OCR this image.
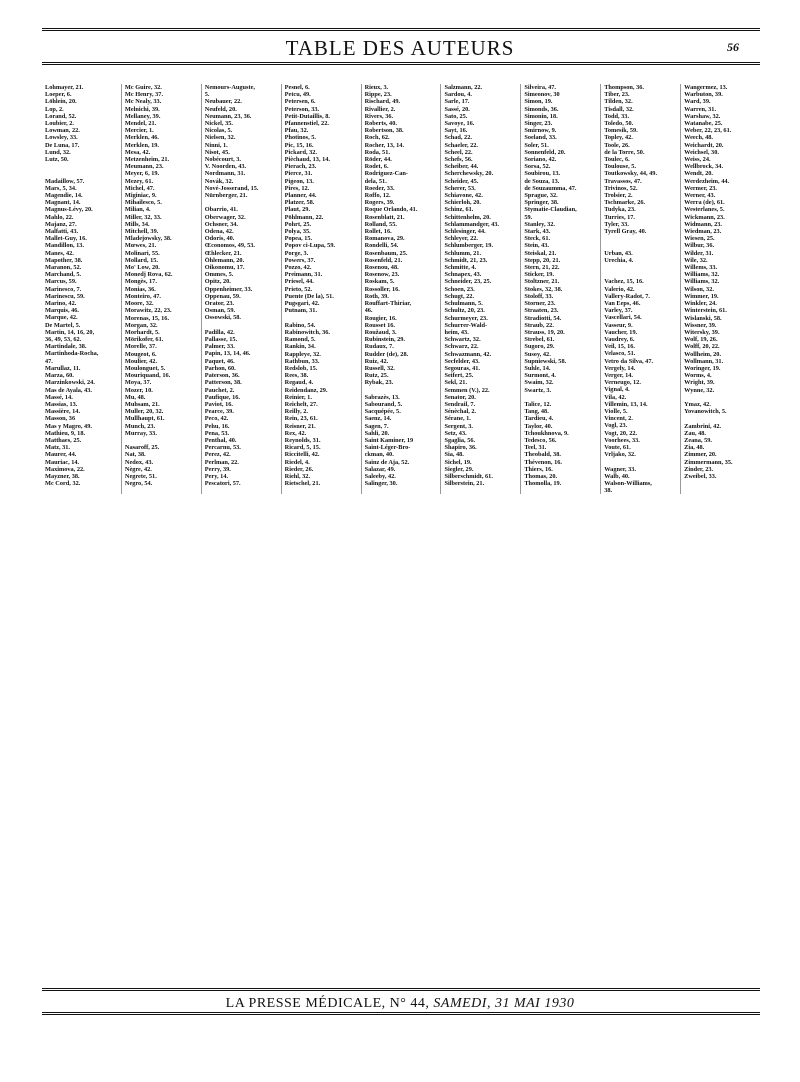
TABLE DES AUTEURS	56
Lohmayer, 21.
Loeper, 6.
Löhlein, 20.
Lop, 2.
Lorand, 52.
Loubier, 2.
Lowman, 22.
Lowsley, 33.
De Luna, 17.
Lund, 32.
Lutz, 50.
Madaillow, 57.
Mars, 5, 34.
Magendie, 14.
Magnant, 14.
Magnus-Lévy, 20.
Mahlo, 22.
Majanz, 27.
Malfatti, 43.
Mallet-Guy, 16.
Mandillon, 13.
Manes, 42.
Mapother, 38.
Maranon, 52.
Marchand, 5.
Marcus, 59.
Marinesco, 7.
Marinescu, 59.
Marino, 42.
Marquis, 46.
Marque, 42.
De Martel, 5.
Martin, 14, 16, 20,
36, 49, 53, 62.
Martindale, 38.
Martinhoda-Rocha,
47.
Marullaz, 11.
Marza, 60.
Marzinkowski, 24.
Mas de Ayala, 43.
Massé, 14.
Massias, 13.
Massière, 14.
Masson, 36
Mas y Magro, 49.
Mathieu, 9, 18.
Matthaes, 25.
Matz, 31.
Maurer, 44.
Mauriac, 14.
Maximova, 22.
Mayzner, 38.
Mc Cord, 32.
Mc Guire, 32.
Mc Henry, 37.
Mc Nealy, 33.
Melnichi, 39.
Mellaney, 39.
Mendel, 21.
Mercier, 1.
Merklen, 46.
Merklen, 19.
Mesa, 42.
Metzenheim, 21.
Meumann, 23.
Meyer, 6, 19.
Mezey, 61.
Michel, 47.
Miginiac, 9.
Mihailesco, 5.
Milian, 4.
Miller, 32, 33.
Mills, 34.
Mitchell, 39.
Mladejowsky, 38.
Mœwes, 21.
Molinari, 55.
Mollard, 15.
Mo' Low, 20.
Monedj Rova, 62.
Mongès, 17.
Monias, 36.
Monteiro, 47.
Moore, 32.
Morawitz, 22, 23.
Morenas, 15, 16.
Morgan, 32.
Morhardt, 5.
Mörikofer, 61.
Morelle, 37.
Mougeot, 6.
Moulier, 42.
Moulonguet, 5.
Mouriquand, 16.
Moya, 37.
Mozer, 10.
Mu, 48.
Muhsam, 21.
Muller, 20, 32.
Mullhaupt, 61.
Munch, 23.
Murray, 33.
Nasaroff, 25.
Nat, 38.
Nedox, 43.
Nègre, 42.
Negrete, 51.
Negro, 54.
Nemours-Auguste,
5.
Neubauer, 22.
Neufeld, 20.
Neumann, 23, 36.
Nickel, 35.
Nicolas, 5.
Nielsen, 32.
Ninni, 1.
Nisot, 45.
Nobécourt, 3.
V. Noorden, 43.
Nordmann, 31.
Novák, 32.
Nové-Josserand, 15.
Nürnberger, 21.
Obarrio, 41.
Oberwager, 32.
Ochsner, 34.
Odena, 42.
Odoris, 40.
Œconomos, 49, 53.
Œhlecker, 21.
Öhlemann, 20.
Oikonomu, 17.
Ommes, 5.
Opitz, 20.
Oppenheimer, 33.
Oppenau, 59.
Orator, 23.
Osman, 59.
Ossowski, 58.
Padilla, 42.
Pallasse, 15.
Palmer, 33.
Papin, 13, 14, 46.
Paquet, 46.
Parhon, 60.
Paterson, 36.
Patterson, 38.
Pauchet, 2.
Paufique, 16.
Paviot, 16.
Pearce, 39.
Peco, 42.
Pehu, 16.
Pena, 53.
Penthal, 40.
Percarnu, 53.
Perez, 42.
Perlman, 22.
Perry, 39.
Pery, 14.
Pescatori, 57.
Pesnel, 6.
Petcu, 49.
Petersen, 6.
Peterson, 33.
Petit-Dutaillis, 8.
Pfannenstiel, 22.
Pfau, 32.
Photinos, 5.
Pic, 15, 16.
Pickard, 32.
Pièchaud, 13, 14.
Pierach, 23.
Pierce, 31.
Pigeon, 13.
Pires, 12.
Planner, 44.
Platzer, 58.
Plaut, 29.
Pöhlmann, 22.
Pohrt, 25.
Polya, 35.
Popea, 15.
Popov ci-Lupa, 59.
Porge, 3.
Powers, 37.
Pozzo, 42.
Preimann, 31.
Priesel, 44.
Prieto, 52.
Puente (De la), 51.
Pugsgari, 42.
Putnam, 31.
Rabino, 54.
Rabinowitch, 36.
Ramond, 5.
Rankin, 34.
Rappleye, 32.
Rathbun, 33.
Redslob, 15.
Rees, 38.
Regaud, 4.
Reidendanz, 29.
Reinier, 1.
Reichelt, 27.
Reilly, 2.
Rein, 23, 61.
Reisner, 21.
Rex, 42.
Reynolds, 31.
Ricard, 5, 15.
Riccitelli, 42.
Riedel, 4.
Rieder, 26.
Riehl, 32.
Rietschel, 21.
Rieux, 3.
Rippe, 23.
Rischard, 49.
Rivallier, 2.
Rivers, 36.
Roberts, 40.
Robertson, 38.
Roch, 62.
Rocher, 13, 14.
Roda, 51.
Röder, 44.
Rodet, 6.
Rodriguez-Can-
dela, 51.
Roeder, 33.
Roffo, 12.
Rogers, 39.
Roque Orlando, 41.
Rosenblatt, 21.
Rolland, 55.
Rollet, 16.
Romanova, 29.
Rondelli, 54.
Rosenbaum, 25.
Rosenfeld, 21.
Rosenou, 48.
Rosenow, 23.
Roskam, 5.
Rossoller, 16.
Roth, 39.
Rouffart-Thiriar,
46.
Rougier, 16.
Rousset 16.
Roužaud, 3.
Rubinstein, 29.
Rudaux, 7.
Rudder (de), 28.
Ruiz, 42.
Russell, 32.
Rutz, 25.
Rybak, 23.
Sabrazès, 13.
Sabourand, 5.
Sacquépée, 5.
Saenz, 14.
Sagen, 7.
Sahli, 20.
Saint Kaminer, 19
Saint-Léger-Bro-
ckman, 40.
Sainz de Aja, 52.
Salazar, 49.
Saleeby, 42.
Salinger, 30.
Salzmann, 22.
Sardou, 4.
Sarle, 17.
Sassé, 20.
Sato, 25.
Savoye, 16.
Sayt, 16.
Schad, 22.
Schaeler, 22.
Scheel, 22.
Schefs, 56.
Scheiber, 44.
Scherchewsky, 20.
Scheider, 45.
Scherer, 53.
Schiavone, 42.
Schierloh, 20.
Schinz, 61.
Schittenhelm, 20.
Schlammandger, 43.
Schlesinger, 44.
Schleyer, 22.
Schlumberger, 19.
Schlumm, 21.
Schmidt, 21, 23.
Schmitte, 4.
Schnapex, 43.
Schneider, 23, 25.
Schoen, 23.
Schugt, 22.
Schulmann, 5.
Schultz, 20, 23.
Schurmeyer, 23.
Schurrer-Wald-
heim, 43.
Schwartz, 32.
Schwarz, 22.
Schwazmann, 42.
Secfelder, 43.
Segouras, 41.
Seifert, 25.
Sekl, 21.
Semmen (V.), 22.
Senator, 20.
Sendrail, 7.
Sénèchal, 2.
Sérane, 1.
Sergent, 3.
Setz, 43.
Sgaglia, 56.
Shapiro, 36.
Sia, 48.
Sichel, 19.
Siegler, 29.
Silberschmidt, 61.
Silberstein, 21.
Silveira, 47.
Simeonov, 30
Simon, 19.
Simonds, 36.
Simonin, 18.
Singer, 23.
Smirnow, 9.
Soeland, 33.
Soler, 51.
Sonnenfeld, 20.
Soriano, 42.
Sorsa, 52.
Soubirou, 13.
de Souza, 13.
de Souzaumma, 47.
Sprague, 32.
Springer, 38.
Stymatie-Claudian,
59.
Stanley, 32.
Stark, 43.
Steck, 61.
Stein, 43.
Steiskal, 21.
Stepp, 20, 21.
Stern, 21, 22.
Sticker, 19.
Stoltzner, 21.
Stokes, 32, 38.
Stoloff, 33.
Storner, 23.
Straaten, 23.
Stradiotti, 54.
Straub, 22.
Strauss, 19, 20.
Strebel, 61.
Sugoro, 29.
Susoy, 42.
Supniewski, 58.
Suhle, 14.
Surmont, 4.
Swaim, 32.
Swartz, 3.
Talice, 12.
Tang, 48.
Tardieu, 4.
Taylor, 40.
Tchoukhnova, 9.
Tedesco, 56.
Teel, 31.
Theobald, 38.
Thévenon, 16.
Thiers, 16.
Thomas, 20.
Thomolla, 19.
Thompson, 36.
Tiber, 23.
Tilden, 32.
Tisdall, 32.
Todd, 33.
Toledo, 50.
Tomesik, 59.
Topley, 42.
Toole, 26.
de la Torre, 50.
Toulec, 6.
Toulouse, 5.
Toutkowsky, 44, 49.
Travassos, 47.
Trivinos, 52.
Trolsier, 2.
Tschmarke, 26.
Tudyka, 23.
Turries, 17.
Tyler, 33.
Tyrell Gray, 40.
Urban, 43.
Urechia, 4.
Vachez, 15, 16.
Valerio, 42.
Vallery-Radot, 7.
Van Eeps, 46.
Varley, 37.
Vascellari, 54.
Vasseur, 9.
Vaucher, 19.
Vaudrey, 6.
Veil, 15, 16.
Velasco, 51.
Vetro da Silva, 47.
Vergely, 14.
Verger, 14.
Verneugo, 12.
Vignal, 4.
Vila, 42.
Villemin, 13, 14.
Violle, 5.
Vincent, 2.
Vogl, 23.
Vogt, 20, 22.
Voorhees, 33.
Voute, 61.
Vrljako, 32.
Wagner, 33.
Walb, 40.
Walson-Williams,
38.
Wangermez, 13.
Warbuton, 39.
Ward, 39.
Warren, 31.
Warshaw, 32.
Watanabe, 25.
Weber, 22, 23, 61.
Weech, 48.
Weichardt, 20.
Weichsel, 30.
Weiss, 24.
Wellbrock, 34.
Wendt, 20.
Werdezheim, 44.
Wermer, 23.
Werner, 43.
Werra (de), 61.
Westerlanes, 5.
Wickmann, 23.
Widmann, 23.
Wiedman, 23.
Wiesen, 25.
Wilbur, 36.
Wilder, 31.
Wile, 32.
Willems, 33.
Williams, 32.
Williams, 32.
Wilson, 32.
Wimmer, 19.
Winkler, 24.
Winterstein, 61.
Wislanski, 58.
Wissner, 39.
Witersky, 39.
Wolf, 19, 26.
Wolff, 20, 22.
Wollheim, 20.
Wollmann, 31.
Woringer, 19.
Worms, 4.
Wright, 39.
Wynne, 32.
Ymaz, 42.
Yovanowitch, 5.
Zambrini, 42.
Zau, 48.
Zeana, 59.
Zia, 48.
Zimmer, 20.
Zimmermann, 35.
Zinder, 23.
Zweibel, 33.
LA PRESSE MÉDICALE, N° 44, SAMEDI, 31 MAI 1930
